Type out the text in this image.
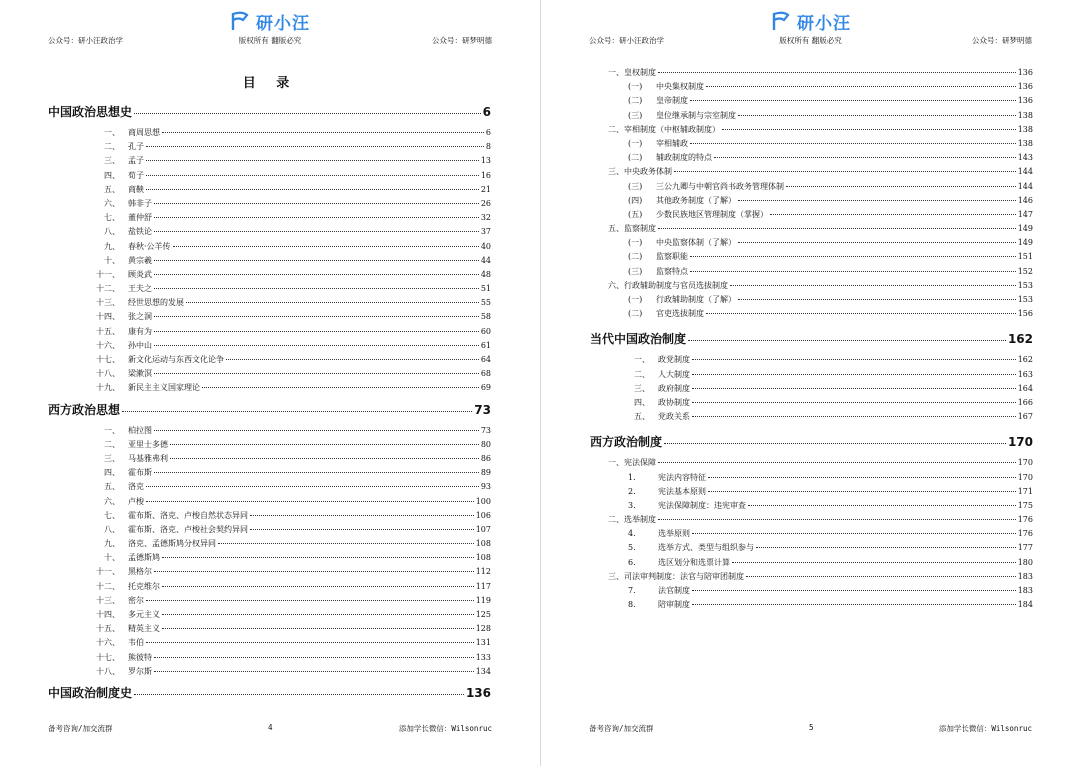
研小汪
公众号：研小汪政治学	版权所有 翻版必究	公众号：研梦明德
目 录
备考咨询/加交流群	4	添加学长微信：Wilsonruc
中国政治思想史	6
一、	商周思想	6
二、	孔子	8
三、	孟子	13
四、	荀子	16
五、	商鞅	21
六、	韩非子	26
七、	董仲舒	32
八、	盐铁论	37
九、	春秋·公羊传	40
十、	黄宗羲	44
十一、	顾炎武	48
十二、	王夫之	51
十三、	经世思想的发展	55
十四、	张之洞	58
十五、	康有为	60
十六、	孙中山	61
十七、	新文化运动与东西文化论争	64
十八、	梁漱溟	68
十九、	新民主主义国家理论	69
西方政治思想	73
一、	柏拉图	73
二、	亚里士多德	80
三、	马基雅弗利	86
四、	霍布斯	89
五、	洛克	93
六、	卢梭	100
七、	霍布斯、洛克、卢梭自然状态异同	106
八、	霍布斯、洛克、卢梭社会契约异同	107
九、	洛克、孟德斯鸠分权异同	108
十、	孟德斯鸠	108
十一、	黑格尔	112
十二、	托克维尔	117
十三、	密尔	119
十四、	多元主义	125
十五、	精英主义	128
十六、	韦伯	131
十七、	熊彼特	133
十八、	罗尔斯	134
中国政治制度史	136
研小汪
公众号：研小汪政治学	版权所有 翻版必究	公众号：研梦明德
备考咨询/加交流群	5	添加学长微信：Wilsonruc
一、 皇权制度	136
(一)	中央集权制度	136
(二)	皇帝制度	136
(三)	皇位继承制与宗室制度	138
二、 宰相制度（中枢辅政制度）	138
(一)	宰相辅政	138
(二)	辅政制度的特点	143
三、 中央政务体制	144
(三)	三公九卿与中朝官尚书政务管理体制	144
(四)	其他政务制度（了解）	146
(五)	少数民族地区管理制度（掌握）	147
五、 监察制度	149
(一)	中央监察体制（了解）	149
(二)	监察职能	151
(三)	监察特点	152
六、 行政辅助制度与官员选拔制度	153
(一)	行政辅助制度（了解）	153
(二)	官吏选拔制度	156
当代中国政治制度	162
一、	政党制度	162
二、	人大制度	163
三、	政府制度	164
四、	政协制度	166
五、	党政关系	167
西方政治制度	170
一、 宪法保障	170
1.	宪法内容特征	170
2.	宪法基本原则	171
3.	宪法保障制度：违宪审查	175
二、 选举制度	176
4.	选举原则	176
5.	选举方式、类型与组织参与	177
6.	选区划分和选票计算	180
三、 司法审判制度：法官与陪审团制度	183
7.	法官制度	183
8.	陪审制度	184
